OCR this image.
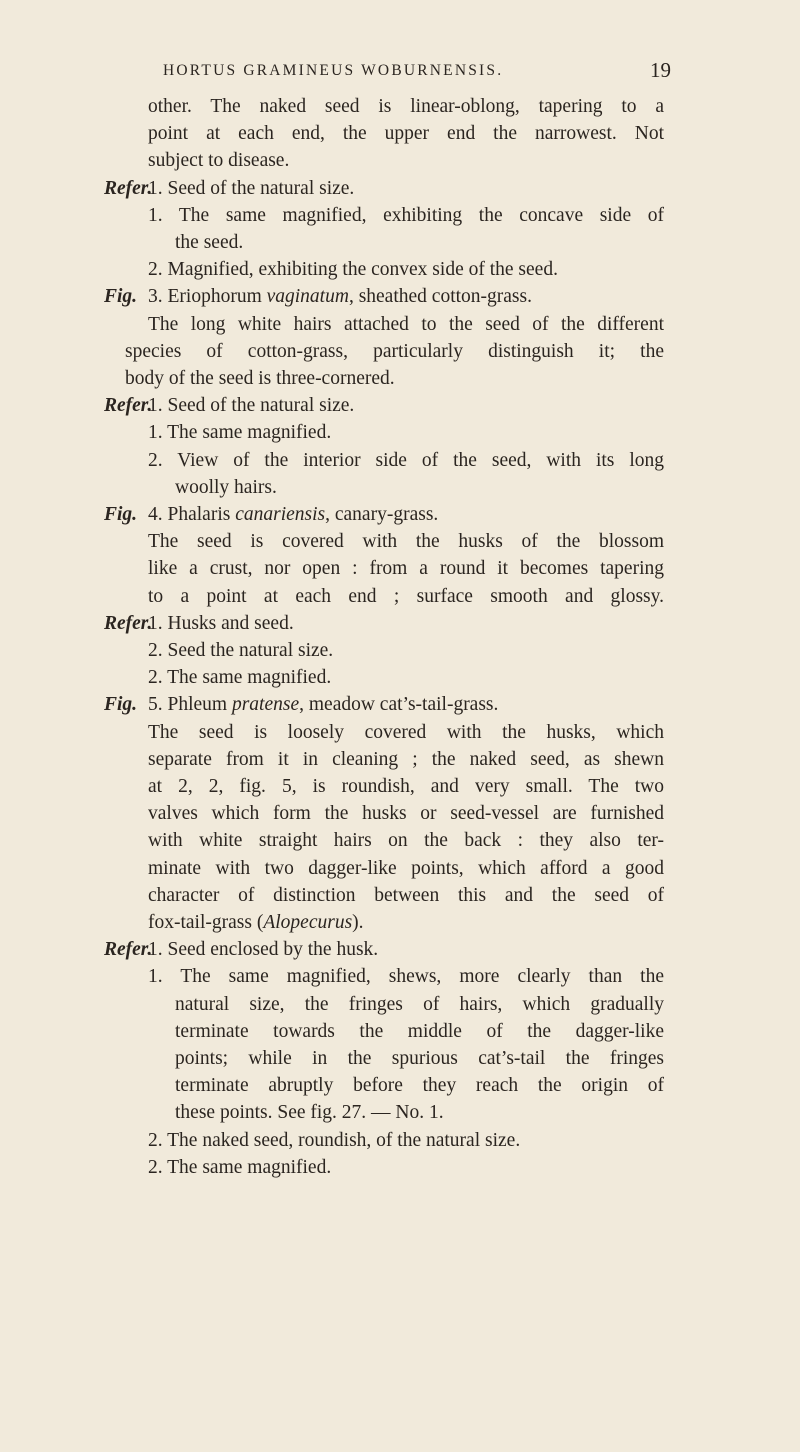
HORTUS GRAMINEUS WOBURNENSIS.	19
other. The naked seed is linear-oblong, tapering to a
point at each end, the upper end the narrowest. Not
subject to disease.
Refer.
1. Seed of the natural size.
1. The same magnified, exhibiting the concave side of
the seed.
2. Magnified, exhibiting the convex side of the seed.
Fig. 3. Eriophorum vaginatum, sheathed cotton-grass.
The long white hairs attached to the seed of the different
species of cotton-grass, particularly distinguish it; the
body of the seed is three-cornered.
Refer.
1. Seed of the natural size.
1. The same magnified.
2. View of the interior side of the seed, with its long
woolly hairs.
Fig. 4. Phalaris canariensis, canary-grass.
The seed is covered with the husks of the blossom
like a crust, nor open : from a round it becomes tapering
to a point at each end ; surface smooth and glossy.
Refer.
1. Husks and seed.
2. Seed the natural size.
2. The same magnified.
Fig. 5. Phleum pratense, meadow cat’s-tail-grass.
The seed is loosely covered with the husks, which
separate from it in cleaning ; the naked seed, as shewn
at 2, 2, fig. 5, is roundish, and very small. The two
valves which form the husks or seed-vessel are furnished
with white straight hairs on the back : they also ter-
minate with two dagger-like points, which afford a good
character of distinction between this and the seed of
fox-tail-grass (Alopecurus).
Refer.
1. Seed enclosed by the husk.
1. The same magnified, shews, more clearly than the
natural size, the fringes of hairs, which gradually
terminate towards the middle of the dagger-like
points; while in the spurious cat’s-tail the fringes
terminate abruptly before they reach the origin of
these points. See fig. 27. — No. 1.
2. The naked seed, roundish, of the natural size.
2. The same magnified.
